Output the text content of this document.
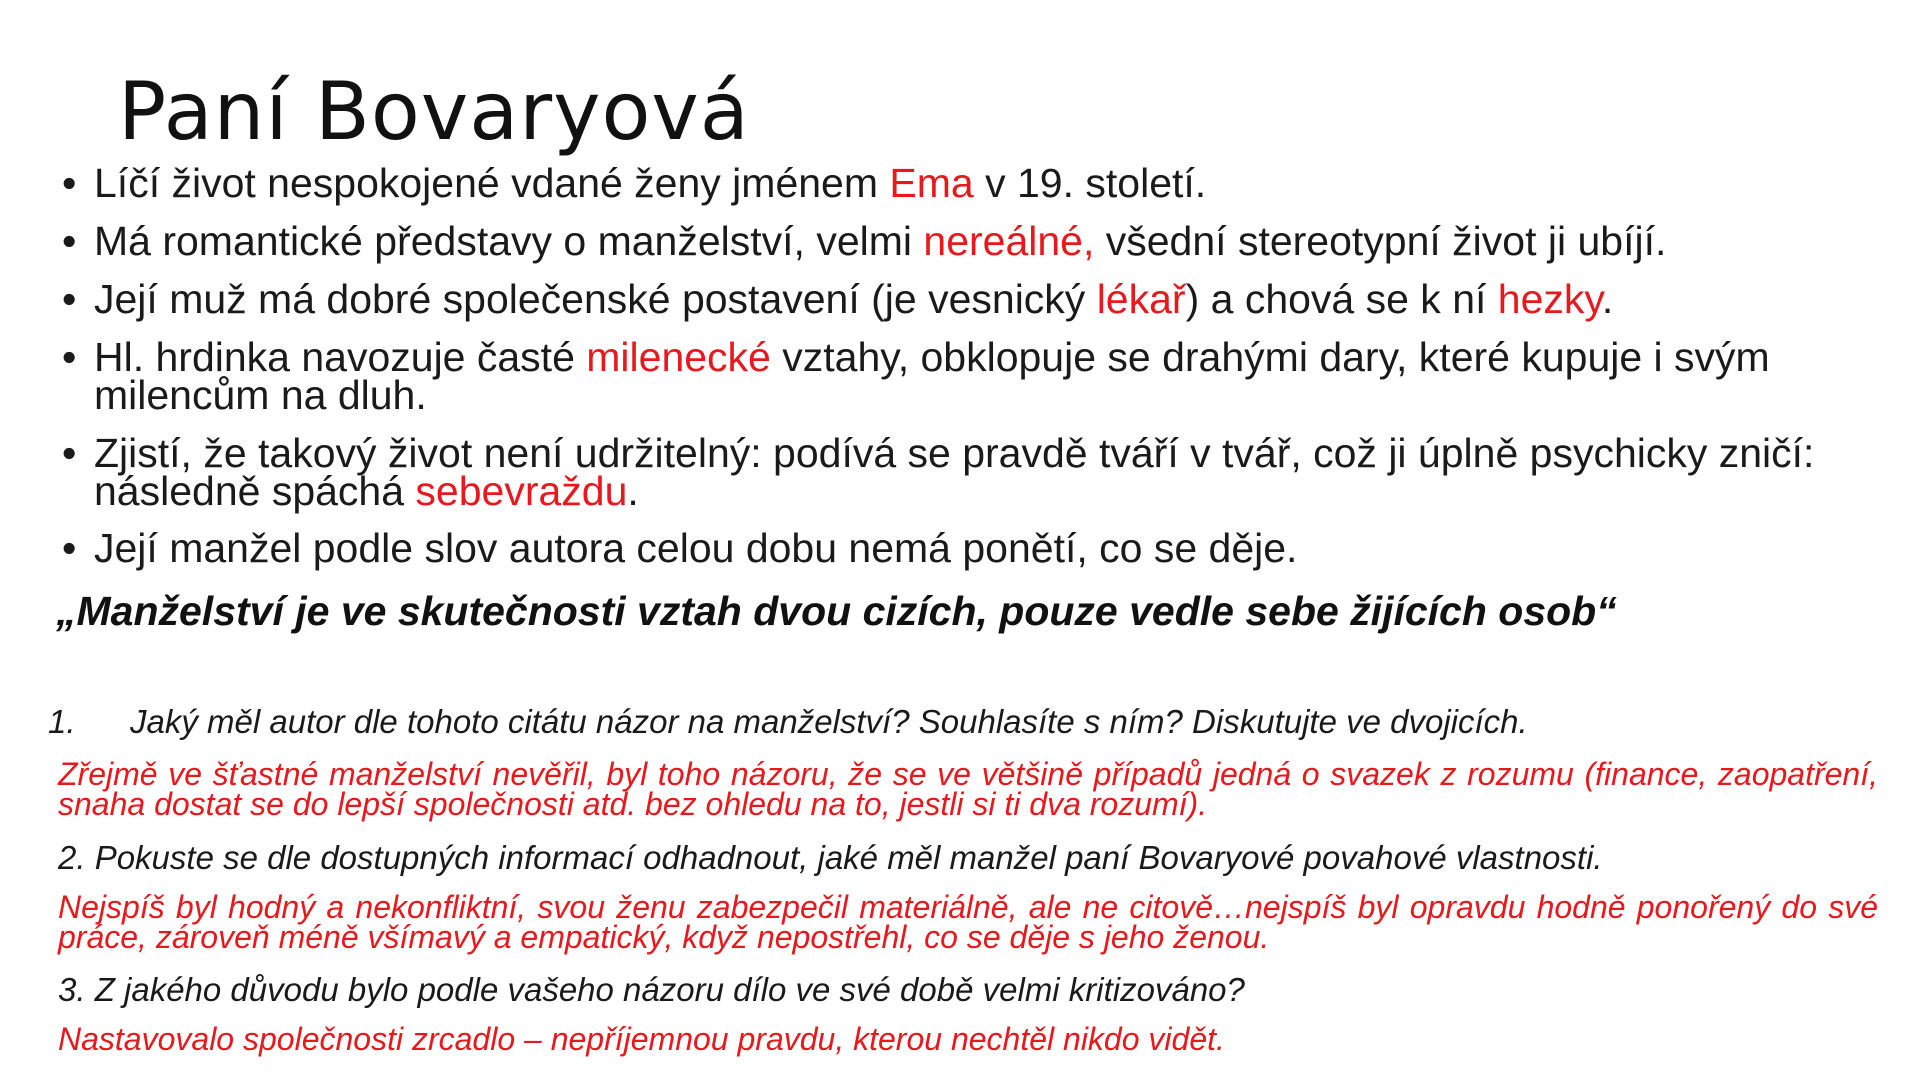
Paní Bovaryová
• Líčí život nespokojené vdané ženy jménem Ema v 19. století.
• Má romantické představy o manželství, velmi nereálné, všední stereotypní život ji ubíjí.
• Její muž má dobré společenské postavení (je vesnický lékař) a chová se k ní hezky.
• Hl. hrdinka navozuje časté milenecké vztahy, obklopuje se drahými dary, které kupuje i svým milencům na dluh.
• Zjistí, že takový život není udržitelný: podívá se pravdě tváří v tvář, což ji úplně psychicky zničí: následně spáchá sebevraždu.
• Její manžel podle slov autora celou dobu nemá ponětí, co se děje.

„Manželství je ve skutečnosti vztah dvou cizích, pouze vedle sebe žijících osob“

1. Jaký měl autor dle tohoto citátu názor na manželství? Souhlasíte s ním? Diskutujte ve dvojicích.

Zřejmě ve šťastné manželství nevěřil, byl toho názoru, že se ve většině případů jedná o svazek z rozumu (finance, zaopatření, snaha dostat se do lepší společnosti atd. bez ohledu na to, jestli si ti dva rozumí).

2. Pokuste se dle dostupných informací odhadnout, jaké měl manžel paní Bovaryové povahové vlastnosti.

Nejspíš byl hodný a nekonfliktní, svou ženu zabezpečil materiálně, ale ne citově…nejspíš byl opravdu hodně ponořený do své práce, zároveň méně všímavý a empatický, když nepostřehl, co se děje s jeho ženou.

3. Z jakého důvodu bylo podle vašeho názoru dílo ve své době velmi kritizováno?

Nastavovalo společnosti zrcadlo – nepříjemnou pravdu, kterou nechtěl nikdo vidět.
